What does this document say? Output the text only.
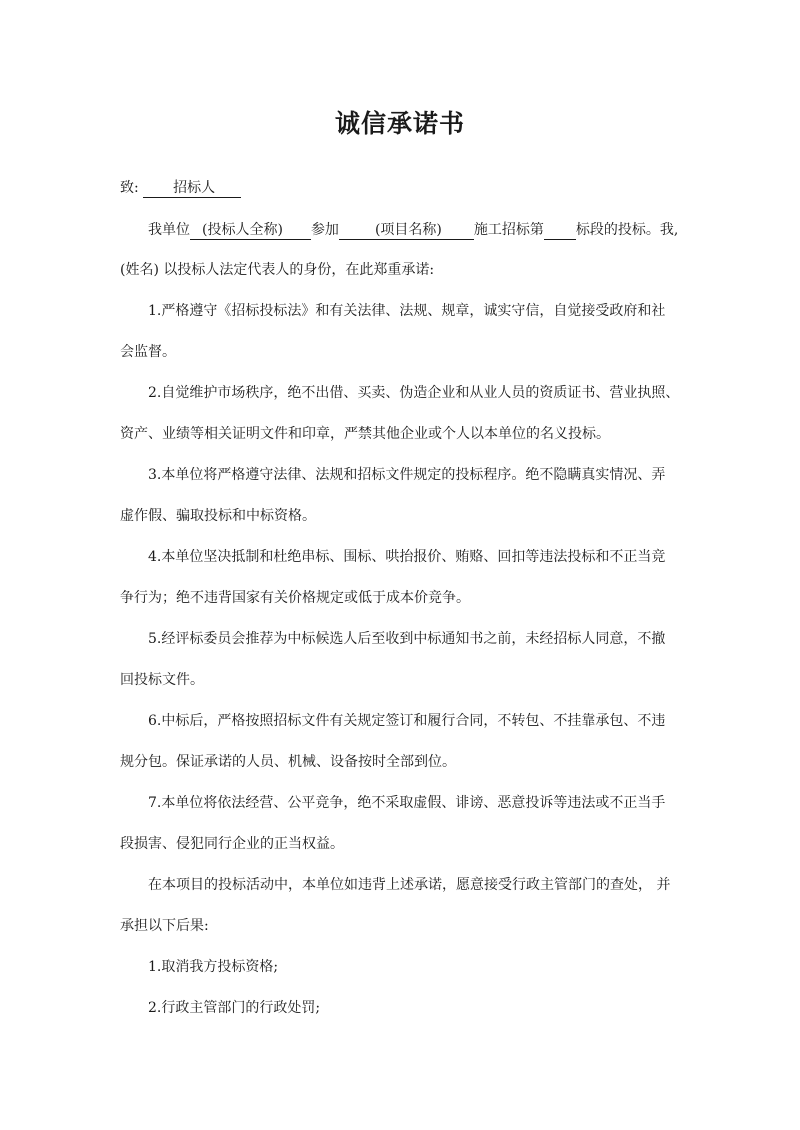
诚信承诺书

致: 招标人

我单位 (投标人全称) 参加	(项目名称) 施工招标第 标段的投标。我,

(姓名) 以投标人法定代表人的身份，在此郑重承诺:

1.严格遵守《招标投标法》和有关法律、法规、规章，诚实守信，自觉接受政府和社

会监督。

2.自觉维护市场秩序，绝不出借、买卖、伪造企业和从业人员的资质证书、营业执照、

资产、业绩等相关证明文件和印章，严禁其他企业或个人以本单位的名义投标。

3.本单位将严格遵守法律、法规和招标文件规定的投标程序。绝不隐瞒真实情况、弄

虚作假、骗取投标和中标资格。

4.本单位坚决抵制和杜绝串标、围标、哄抬报价、贿赂、回扣等违法投标和不正当竞

争行为；绝不违背国家有关价格规定或低于成本价竞争。

5.经评标委员会推荐为中标候选人后至收到中标通知书之前，未经招标人同意，不撤

回投标文件。

6.中标后，严格按照招标文件有关规定签订和履行合同，不转包、不挂靠承包、不违

规分包。保证承诺的人员、机械、设备按时全部到位。

7.本单位将依法经营、公平竞争，绝不采取虚假、诽谤、恶意投诉等违法或不正当手

段损害、侵犯同行企业的正当权益。

在本项目的投标活动中，本单位如违背上述承诺，愿意接受行政主管部门的查处， 并

承担以下后果:

1.取消我方投标资格;

2.行政主管部门的行政处罚;
